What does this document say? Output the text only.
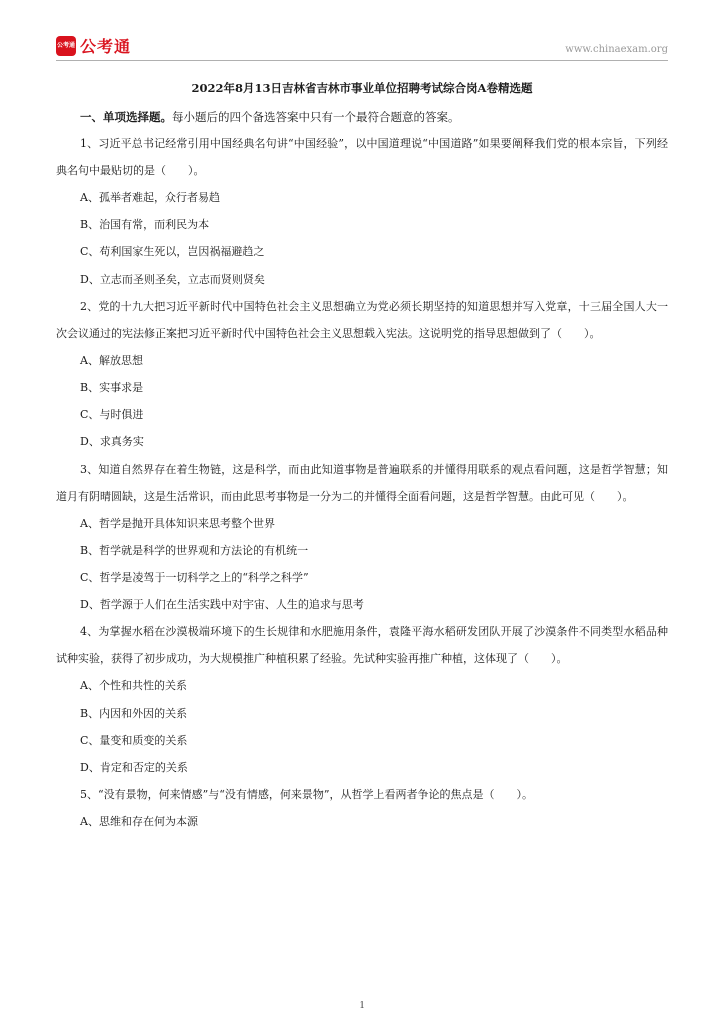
公考通 公考通	www.chinaexam.org
2022年8月13日吉林省吉林市事业单位招聘考试综合岗A卷精选题
一、单项选择题。每小题后的四个备选答案中只有一个最符合题意的答案。

1、习近平总书记经常引用中国经典名句讲“中国经验”，以中国道理说“中国道路”如果要阐释我们党的根本宗旨，下列经典名句中最贴切的是（　　）。

A、孤举者难起，众行者易趋

B、治国有常，而利民为本

C、苟利国家生死以，岂因祸福避趋之

D、立志而圣则圣矣，立志而贤则贤矣

2、党的十九大把习近平新时代中国特色社会主义思想确立为党必须长期坚持的知道思想并写入党章，十三届全国人大一次会议通过的宪法修正案把习近平新时代中国特色社会主义思想载入宪法。这说明党的指导思想做到了（　　）。

A、解放思想

B、实事求是

C、与时俱进

D、求真务实

3、知道自然界存在着生物链，这是科学，而由此知道事物是普遍联系的并懂得用联系的观点看问题，这是哲学智慧；知道月有阴晴圆缺，这是生活常识，而由此思考事物是一分为二的并懂得全面看问题，这是哲学智慧。由此可见（　　）。

A、哲学是抛开具体知识来思考整个世界

B、哲学就是科学的世界观和方法论的有机统一

C、哲学是凌驾于一切科学之上的“科学之科学”

D、哲学源于人们在生活实践中对宇宙、人生的追求与思考

4、为掌握水稻在沙漠极端环境下的生长规律和水肥施用条件，袁隆平海水稻研发团队开展了沙漠条件不同类型水稻品种试种实验，获得了初步成功，为大规模推广种植积累了经验。先试种实验再推广种植，这体现了（　　）。

A、个性和共性的关系

B、内因和外因的关系

C、量变和质变的关系

D、肯定和否定的关系

5、“没有景物，何来情感”与“没有情感，何来景物”，从哲学上看两者争论的焦点是（　　）。

A、思维和存在何为本源

1
